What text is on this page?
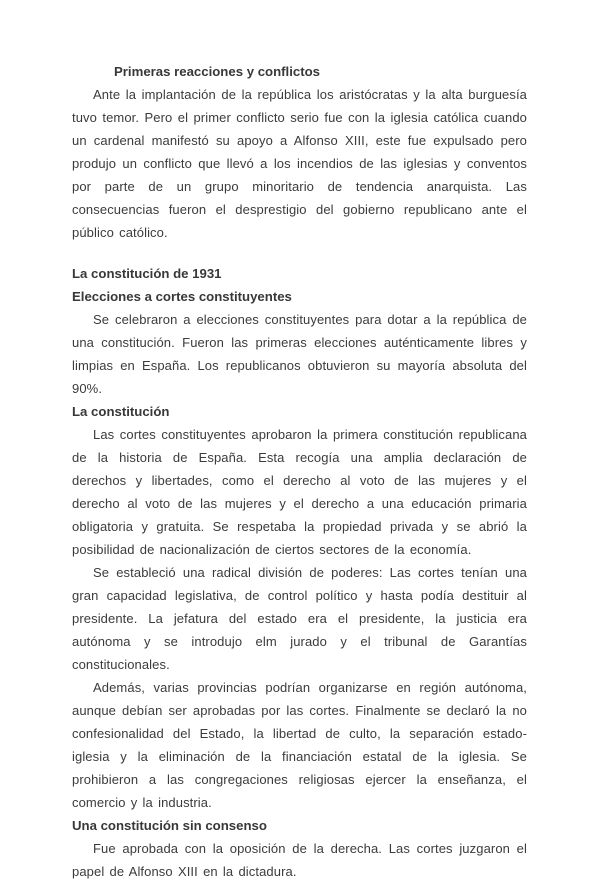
Primeras reacciones y conflictos

Ante la implantación de la república los aristócratas y la alta burguesía tuvo temor. Pero el primer conflicto serio fue con la iglesia católica cuando un cardenal manifestó su apoyo a Alfonso XIII, este fue expulsado pero produjo un conflicto que llevó a los incendios de las iglesias y conventos por parte de un grupo minoritario de tendencia anarquista. Las consecuencias fueron el desprestigio del gobierno republicano ante el público católico.

La constitución de 1931

Elecciones a cortes constituyentes

Se celebraron a elecciones constituyentes para dotar a la república de una constitución. Fueron las primeras elecciones auténticamente libres y limpias en España. Los republicanos obtuvieron su mayoría absoluta del 90%.

La constitución

Las cortes constituyentes aprobaron la primera constitución republicana de la historia de España. Esta recogía una amplia declaración de derechos y libertades, como el derecho al voto de las mujeres y el derecho al voto de las mujeres y el derecho a una educación primaria obligatoria y gratuita. Se respetaba la propiedad privada y se abrió la posibilidad de nacionalización de ciertos sectores de la economía.

Se estableció una radical división de poderes: Las cortes tenían una gran capacidad legislativa, de control político y hasta podía destituir al presidente. La jefatura del estado era el presidente, la justicia era autónoma y se introdujo elm jurado y el tribunal de Garantías constitucionales.

Además, varias provincias podrían organizarse en región autónoma, aunque debían ser aprobadas por las cortes. Finalmente se declaró la no confesionalidad del Estado, la libertad de culto, la separación estado-iglesia y la eliminación de la financiación estatal de la iglesia. Se prohibieron a las congregaciones religiosas ejercer la enseñanza, el comercio y la industria.

Una constitución sin consenso

Fue aprobada con la oposición de la derecha. Las cortes juzgaron el papel de Alfonso XIII en la dictadura.
